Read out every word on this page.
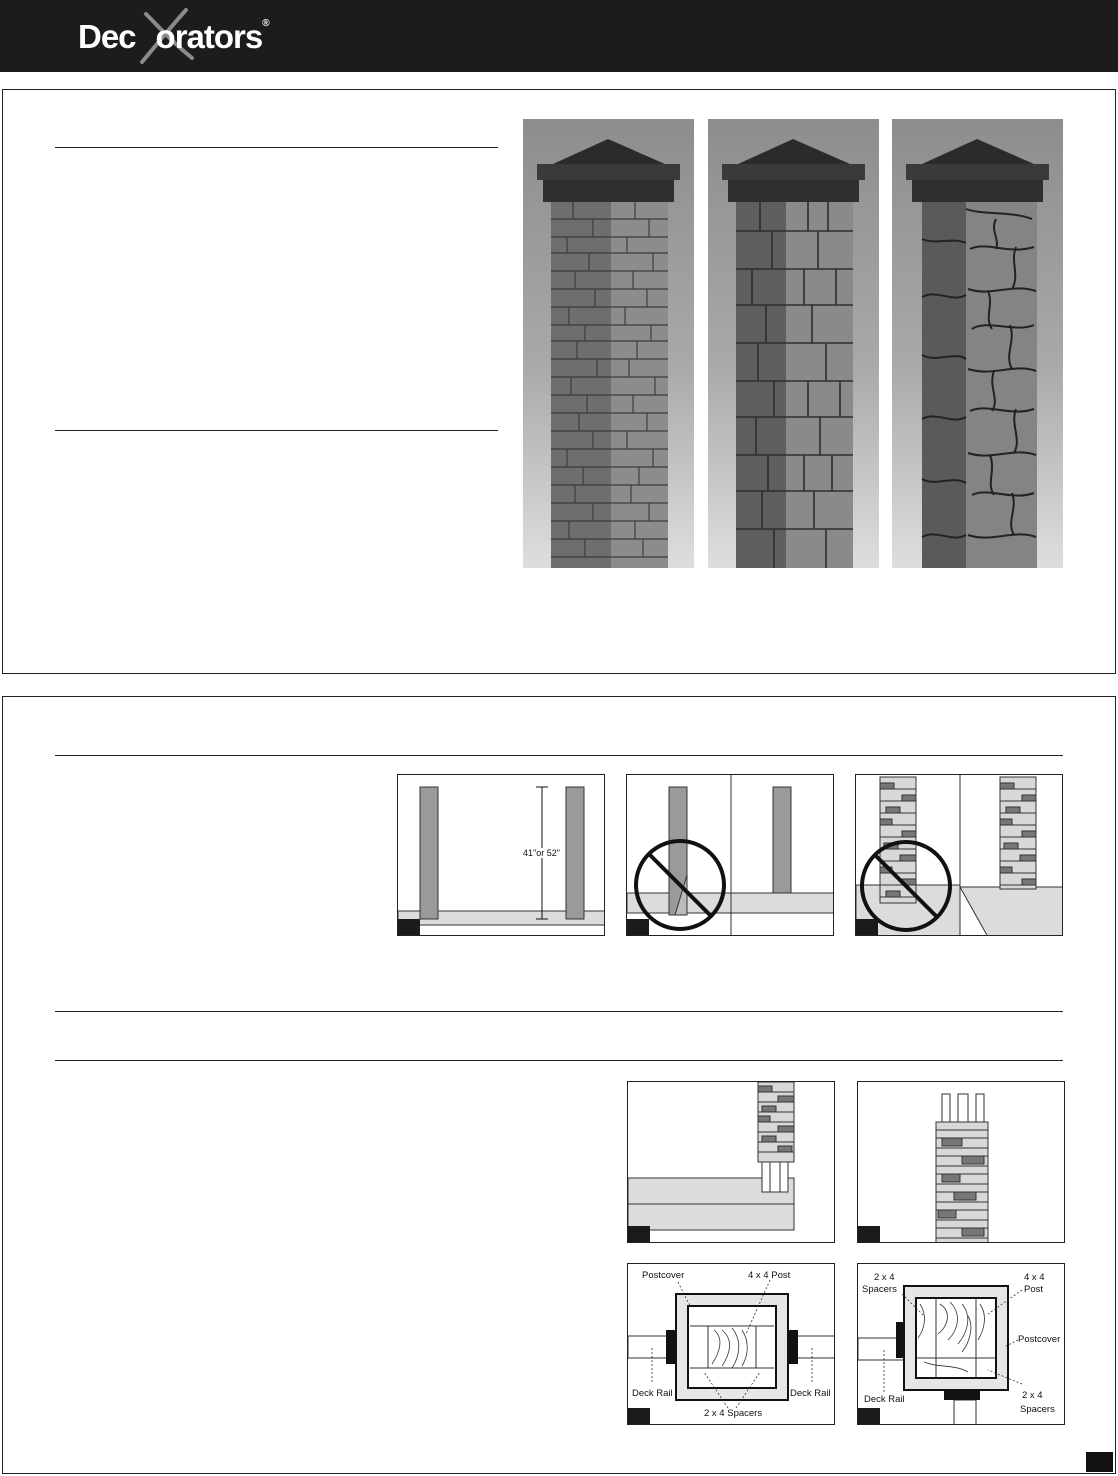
Dec orators®
41"or 52"
Postcover	4 x 4 Post
Deck Rail	Deck Rail
2 x 4 Spacers
2 x 4
Spacers
4 x 4
Post
Postcover
Deck Rail	2 x 4
Spacers
